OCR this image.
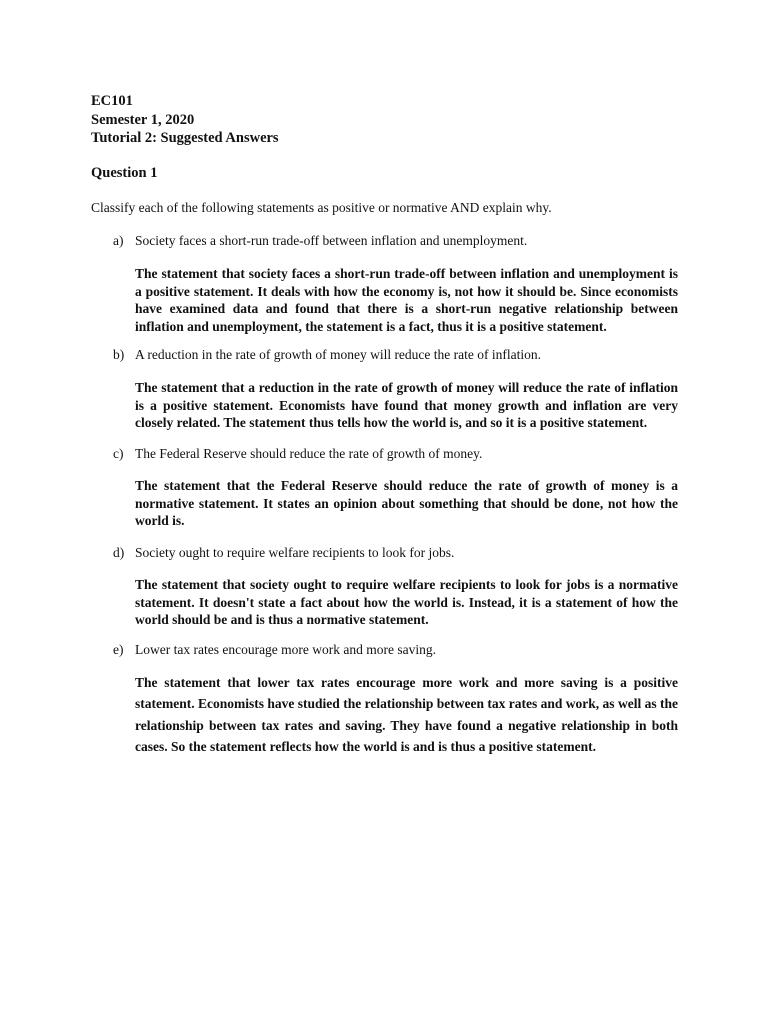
EC101
Semester 1, 2020
Tutorial 2: Suggested Answers
Question 1
Classify each of the following statements as positive or normative AND explain why.
a) Society faces a short-run trade-off between inflation and unemployment.
The statement that society faces a short-run trade-off between inflation and unemployment is a positive statement. It deals with how the economy is, not how it should be. Since economists have examined data and found that there is a short-run negative relationship between inflation and unemployment, the statement is a fact, thus it is a positive statement.
b) A reduction in the rate of growth of money will reduce the rate of inflation.
The statement that a reduction in the rate of growth of money will reduce the rate of inflation is a positive statement. Economists have found that money growth and inflation are very closely related. The statement thus tells how the world is, and so it is a positive statement.
c) The Federal Reserve should reduce the rate of growth of money.
The statement that the Federal Reserve should reduce the rate of growth of money is a normative statement. It states an opinion about something that should be done, not how the world is.
d) Society ought to require welfare recipients to look for jobs.
The statement that society ought to require welfare recipients to look for jobs is a normative statement. It doesn't state a fact about how the world is. Instead, it is a statement of how the world should be and is thus a normative statement.
e) Lower tax rates encourage more work and more saving.
The statement that lower tax rates encourage more work and more saving is a positive statement. Economists have studied the relationship between tax rates and work, as well as the relationship between tax rates and saving. They have found a negative relationship in both cases. So the statement reflects how the world is and is thus a positive statement.
